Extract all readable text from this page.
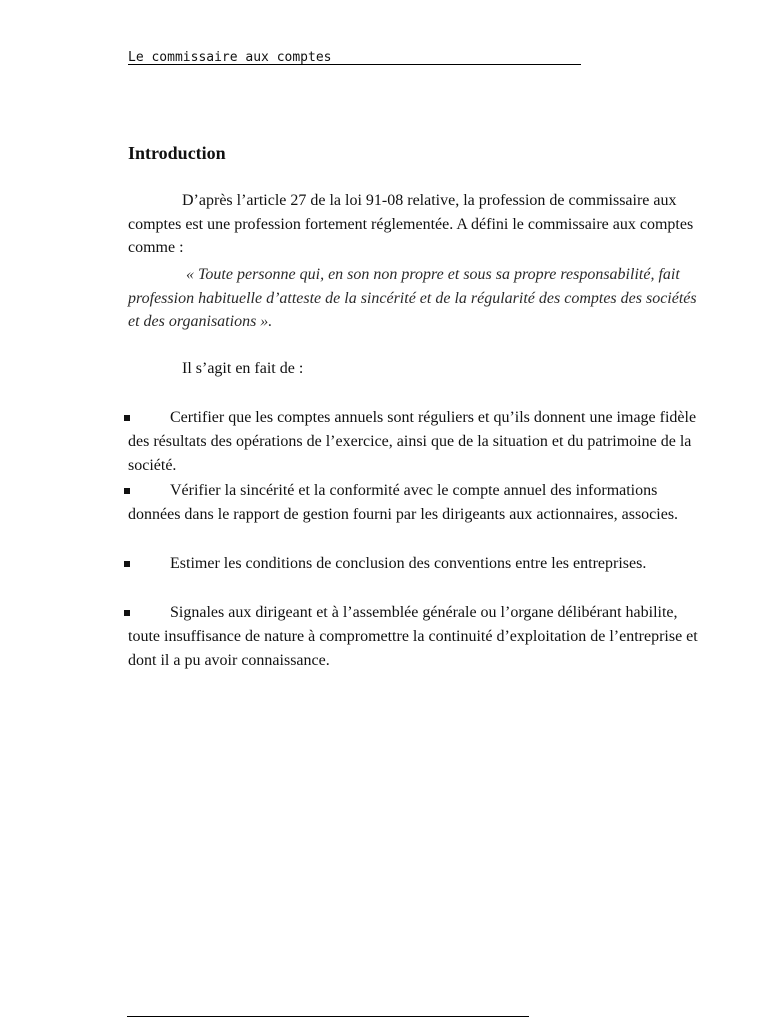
Le commissaire aux comptes
Introduction

D’après l’article 27 de la loi 91-08 relative, la profession de commissaire aux comptes est une profession fortement réglementée. A défini le commissaire aux comptes comme :

« Toute personne qui, en son non propre et sous sa propre responsabilité, fait profession habituelle d’atteste de la sincérité et de la régularité des comptes des sociétés et des organisations ».

Il s’agit en fait de :

Certifier que les comptes annuels sont réguliers et qu’ils donnent une image fidèle des résultats des opérations de l’exercice, ainsi que de la situation et du patrimoine de la société.
Vérifier la sincérité et la conformité avec le compte annuel des informations données dans le rapport de gestion fourni par les dirigeants aux actionnaires, associes.
Estimer les conditions de conclusion des conventions entre les entreprises.
Signales aux dirigeant et à l’assemblée générale ou l’organe délibérant habilite, toute insuffisance de nature à compromettre la continuité d’exploitation de l’entreprise et dont il a pu avoir connaissance.
